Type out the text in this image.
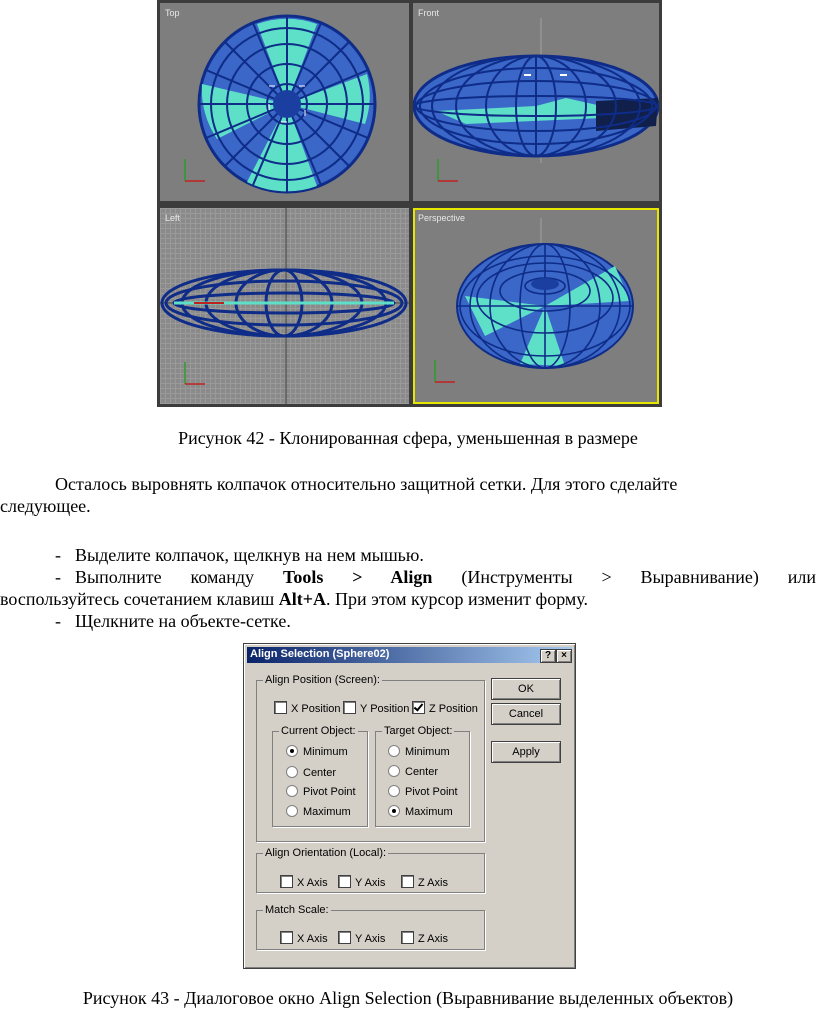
Top	Front
Left	Perspective
Рисунок 42 - Клонированная сфера, уменьшенная в размере
Осталось выровнять колпачок относительно защитной сетки. Для этого сделайте
следующее.
- Выделите колпачок, щелкнув на нем мышью.
- Выполните команду Tools > Align (Инструменты > Выравнивание) или
воспользуйтесь сочетанием клавиш Alt+A. При этом курсор изменит форму.
- Щелкните на объекте-сетке.
Align Selection (Sphere02)	?	×
Align Position (Screen):
X Position	Y Position	Z Position
Current Object:
Minimum
Center
Pivot Point
Maximum
Target Object:
Minimum
Center
Pivot Point
Maximum
OK
Cancel
Apply
Align Orientation (Local):
X Axis	Y Axis	Z Axis
Match Scale:
X Axis	Y Axis	Z Axis
Рисунок 43 - Диалоговое окно Align Selection (Выравнивание выделенных объектов)
